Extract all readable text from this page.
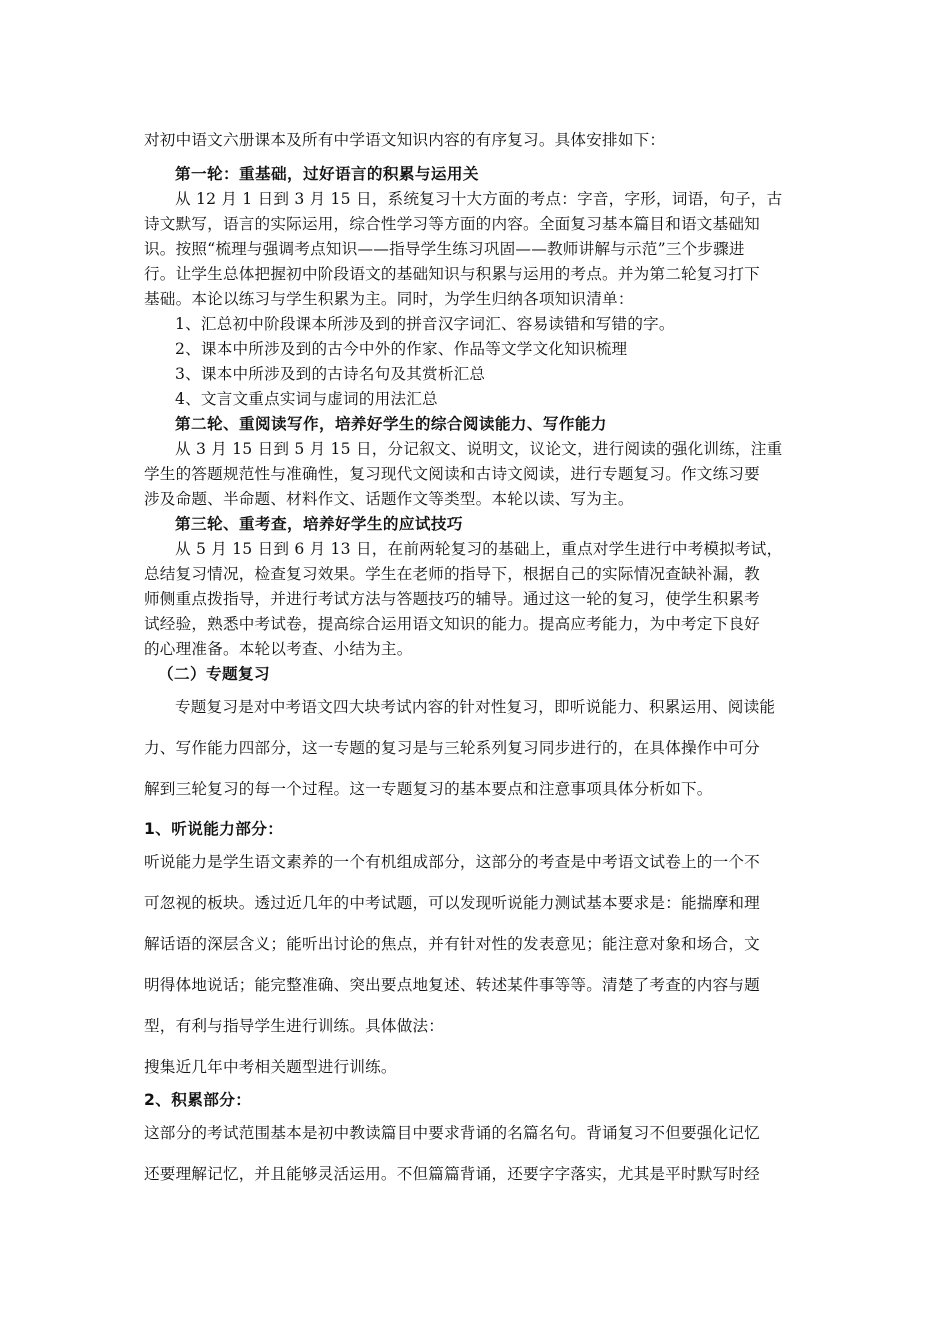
对初中语文六册课本及所有中学语文知识内容的有序复习。具体安排如下：
第一轮：重基础，过好语言的积累与运用关
从 12 月 1 日到 3 月 15 日，系统复习十大方面的考点：字音，字形，词语，句子，古
诗文默写，语言的实际运用，综合性学习等方面的内容。全面复习基本篇目和语文基础知
识。按照“梳理与强调考点知识——指导学生练习巩固——教师讲解与示范”三个步骤进
行。让学生总体把握初中阶段语文的基础知识与积累与运用的考点。并为第二轮复习打下
基础。本论以练习与学生积累为主。同时，为学生归纳各项知识清单：
1、汇总初中阶段课本所涉及到的拼音汉字词汇、容易读错和写错的字。
2、课本中所涉及到的古今中外的作家、作品等文学文化知识梳理
3、课本中所涉及到的古诗名句及其赏析汇总
4、文言文重点实词与虚词的用法汇总
第二轮、重阅读写作，培养好学生的综合阅读能力、写作能力
从 3 月 15 日到 5 月 15 日，分记叙文、说明文，议论文，进行阅读的强化训练，注重
学生的答题规范性与准确性，复习现代文阅读和古诗文阅读，进行专题复习。作文练习要
涉及命题、半命题、材料作文、话题作文等类型。本轮以读、写为主。
第三轮、重考查，培养好学生的应试技巧
从 5 月 15 日到 6 月 13 日，在前两轮复习的基础上，重点对学生进行中考模拟考试，
总结复习情况，检查复习效果。学生在老师的指导下，根据自己的实际情况查缺补漏，教
师侧重点拨指导，并进行考试方法与答题技巧的辅导。通过这一轮的复习，使学生积累考
试经验，熟悉中考试卷，提高综合运用语文知识的能力。提高应考能力，为中考定下良好
的心理准备。本轮以考查、小结为主。
（二）专题复习
专题复习是对中考语文四大块考试内容的针对性复习，即听说能力、积累运用、阅读能
力、写作能力四部分，这一专题的复习是与三轮系列复习同步进行的，在具体操作中可分
解到三轮复习的每一个过程。这一专题复习的基本要点和注意事项具体分析如下。
1、听说能力部分：
听说能力是学生语文素养的一个有机组成部分，这部分的考查是中考语文试卷上的一个不
可忽视的板块。透过近几年的中考试题，可以发现听说能力测试基本要求是：能揣摩和理
解话语的深层含义；能听出讨论的焦点，并有针对性的发表意见；能注意对象和场合，文
明得体地说话；能完整准确、突出要点地复述、转述某件事等等。清楚了考查的内容与题
型，有利与指导学生进行训练。具体做法：
搜集近几年中考相关题型进行训练。
2、积累部分：
这部分的考试范围基本是初中教读篇目中要求背诵的名篇名句。背诵复习不但要强化记忆
还要理解记忆，并且能够灵活运用。不但篇篇背诵，还要字字落实，尤其是平时默写时经
